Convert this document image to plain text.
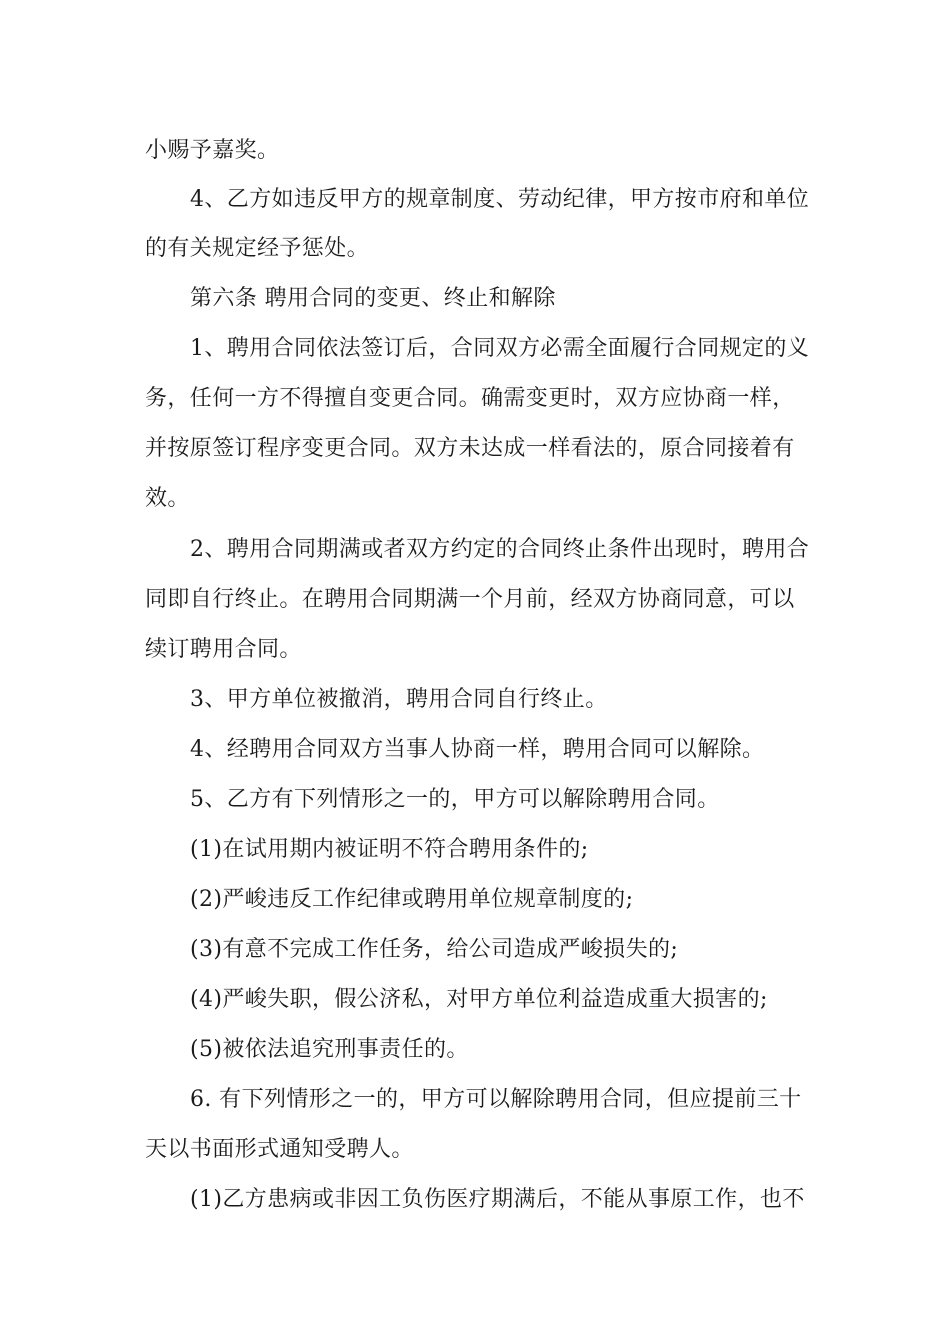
小赐予嘉奖。
4、乙方如违反甲方的规章制度、劳动纪律，甲方按市府和单位
的有关规定经予惩处。
第六条 聘用合同的变更、终止和解除
1、聘用合同依法签订后，合同双方必需全面履行合同规定的义
务，任何一方不得擅自变更合同。确需变更时，双方应协商一样，
并按原签订程序变更合同。双方未达成一样看法的，原合同接着有
效。
2、聘用合同期满或者双方约定的合同终止条件出现时，聘用合
同即自行终止。在聘用合同期满一个月前，经双方协商同意，可以
续订聘用合同。
3、甲方单位被撤消，聘用合同自行终止。
4、经聘用合同双方当事人协商一样，聘用合同可以解除。
5、乙方有下列情形之一的，甲方可以解除聘用合同。
(1)在试用期内被证明不符合聘用条件的;
(2)严峻违反工作纪律或聘用单位规章制度的;
(3)有意不完成工作任务，给公司造成严峻损失的;
(4)严峻失职，假公济私，对甲方单位利益造成重大损害的;
(5)被依法追究刑事责任的。
6. 有下列情形之一的，甲方可以解除聘用合同，但应提前三十
天以书面形式通知受聘人。
(1)乙方患病或非因工负伤医疗期满后，不能从事原工作，也不
